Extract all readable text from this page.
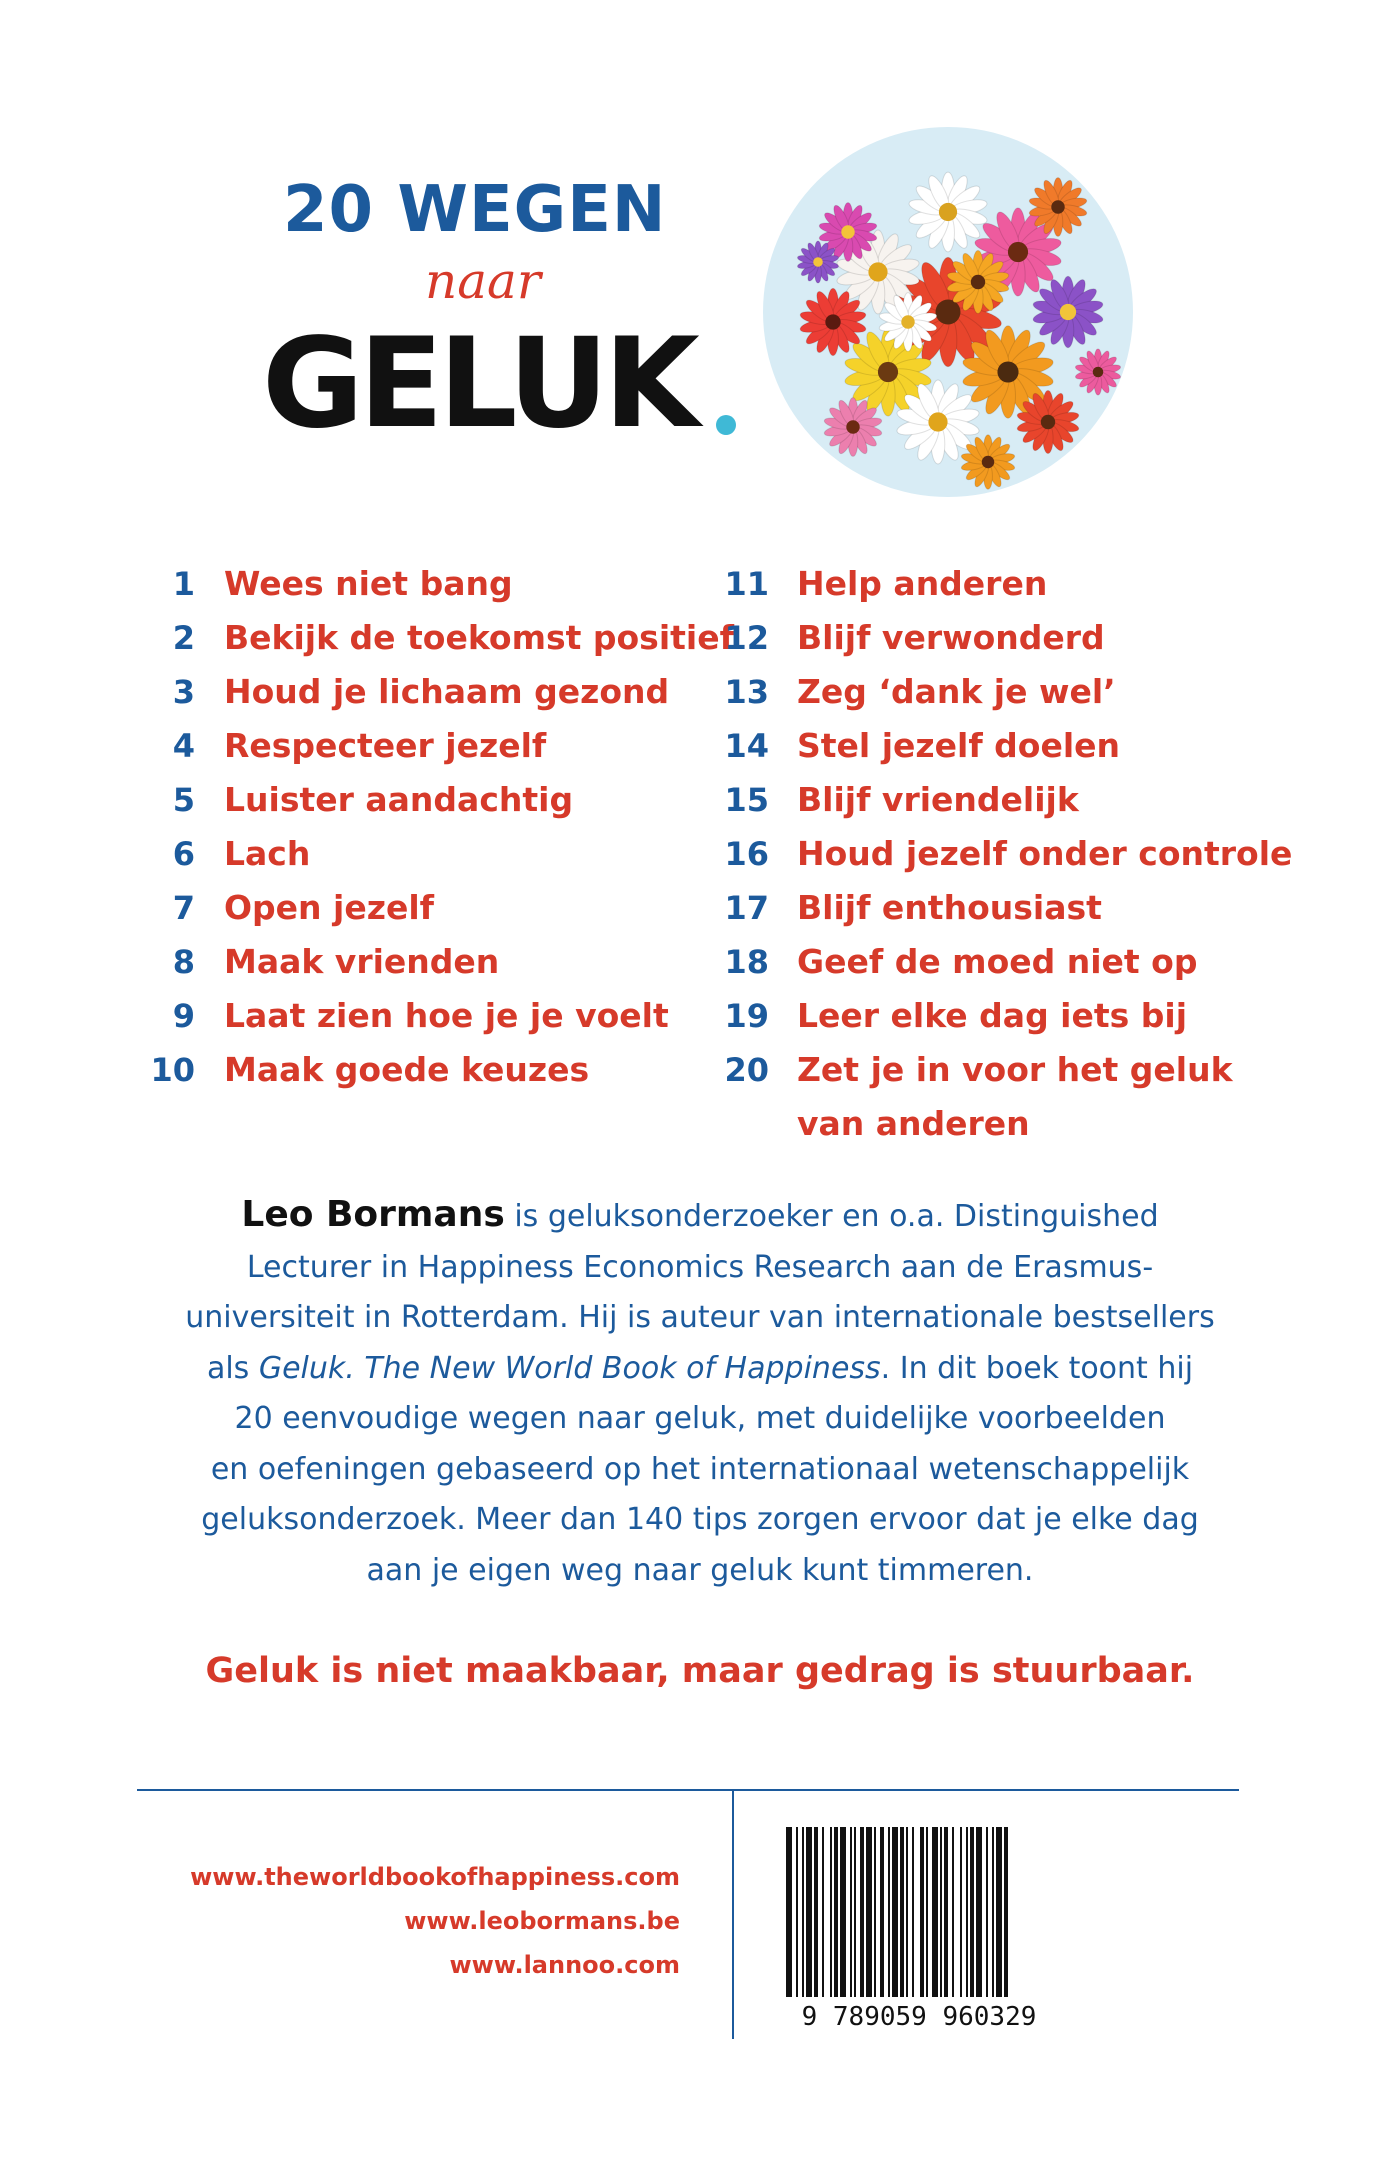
20 WEGEN
naar
GELUK
1 Wees niet bang
2 Bekijk de toekomst positief
3 Houd je lichaam gezond
4 Respecteer jezelf
5 Luister aandachtig
6 Lach
7 Open jezelf
8 Maak vrienden
9 Laat zien hoe je je voelt
10 Maak goede keuzes
11 Help anderen
12 Blijf verwonderd
13 Zeg ‘dank je wel’
14 Stel jezelf doelen
15 Blijf vriendelijk
16 Houd jezelf onder controle
17 Blijf enthousiast
18 Geef de moed niet op
19 Leer elke dag iets bij
20 Zet je in voor het geluk
van anderen
Leo Bormans is geluksonderzoeker en o.a. Distinguished
Lecturer in Happiness Economics Research aan de Erasmus-
universiteit in Rotterdam. Hij is auteur van internationale bestsellers
als Geluk. The New World Book of Happiness. In dit boek toont hij
20 eenvoudige wegen naar geluk, met duidelijke voorbeelden
en oefeningen gebaseerd op het internationaal wetenschappelijk
geluksonderzoek. Meer dan 140 tips zorgen ervoor dat je elke dag
aan je eigen weg naar geluk kunt timmeren.
Geluk is niet maakbaar, maar gedrag is stuurbaar.
www.theworldbookofhappiness.com
www.leobormans.be
www.lannoo.com
9 789059 960329
